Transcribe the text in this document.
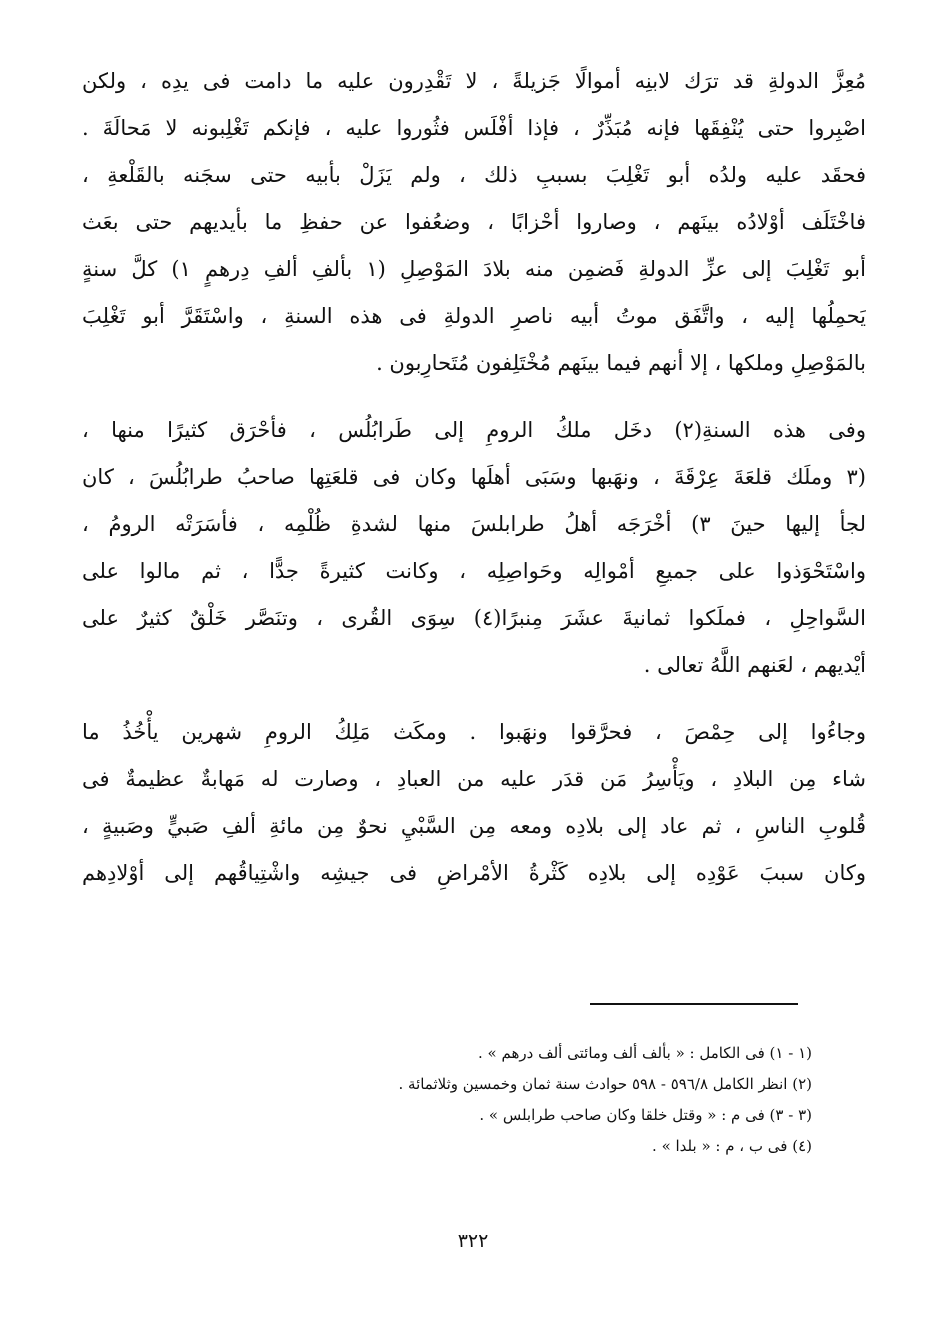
مُعِزَّ الدولةِ قد ترَك لابنِه أموالًا جَزيلةً ، لا تَقْدِرون عليه ما دامت فى يدِه ، ولكن
اصْبِروا حتى يُنْفِقَها فإنه مُبَذِّرٌ ، فإذا أفْلَس فثُوروا عليه ، فإنكم تَغْلِبونه لا مَحالَةَ .
فحقَد عليه ولدُه أبو تَغْلِبَ بسببِ ذلك ، ولم يَزَلْ بأبيه حتى سجَنه بالقَلْعةِ ،
فاخْتَلَف أوْلادُه بينَهم ، وصاروا أحْزابًا ، وضعُفوا عن حفظِ ما بأيديهم حتى بعَث
أبو تَغْلِبَ إلى عزِّ الدولةِ فَضمِن منه بلادَ المَوْصِلِ (١ بألفِ ألفِ دِرهمٍ ١) كلَّ سنةٍ
يَحمِلُها إليه ، واتَّفَق موتُ أبيه ناصرِ الدولةِ فى هذه السنةِ ، واسْتَقَرَّ أبو تَغْلِبَ
بالمَوْصِلِ وملكها ، إلا أنهم فيما بينَهم مُخْتَلِفون مُتَحارِبون .
وفى هذه السنةِ(٢) دخَل ملكُ الرومِ إلى طَرابُلُس ، فأحْرَق كثيرًا منها ،
(٣ وملَك قلعَةَ عِرْقَةَ ، ونهَبها وسَبَى أهلَها وكان فى قلعَتِها صاحبُ طرابُلُسَ ، كان
لجأ إليها حينَ ٣) أخْرَجَه أهلُ طرابلسَ منها لشدةِ ظُلْمِه ، فأسَرَتْه الرومُ ،
واسْتَحْوَذوا على جميعِ أمْوالِه وحَواصِلِه ، وكانت كثيرةً جدًّا ، ثم مالوا على
السَّواحِلِ ، فملَكوا ثمانيةَ عشَرَ مِنبرًا(٤) سِوَى القُرى ، وتنَصَّر خَلْقٌ كثيرٌ على
أيْديهم ، لعَنهم اللَّهُ تعالى .
وجاءُوا إلى حِمْصَ ، فحرَّقوا ونهَبوا . ومكَث مَلِكُ الرومِ شهرين يأْخُذُ ما
شاء مِن البلادِ ، ويَأْسِرُ مَن قدَر عليه من العبادِ ، وصارت له مَهابةٌ عظيمةٌ فى
قُلوبِ الناسِ ، ثم عاد إلى بلادِه ومعه مِن السَّبْيِ نحوٌ مِن مائةِ ألفِ صَبيٍّ وصَبيةٍ ،
وكان سببَ عَوْدِه إلى بلادِه كَثْرةُ الأمْراضِ فى جيشِه واشْتِياقُهم إلى أوْلادِهم
(١ - ١) فى الكامل : « بألف ألف ومائتى ألف درهم » .
(٢) انظر الكامل ٥٩٦/٨ - ٥٩٨ حوادث سنة ثمان وخمسين وثلاثمائة .
(٣ - ٣) فى م : « وقتل خلقا وكان صاحب طرابلس » .
(٤) فى ب ، م : « بلدا » .
٣٢٢
